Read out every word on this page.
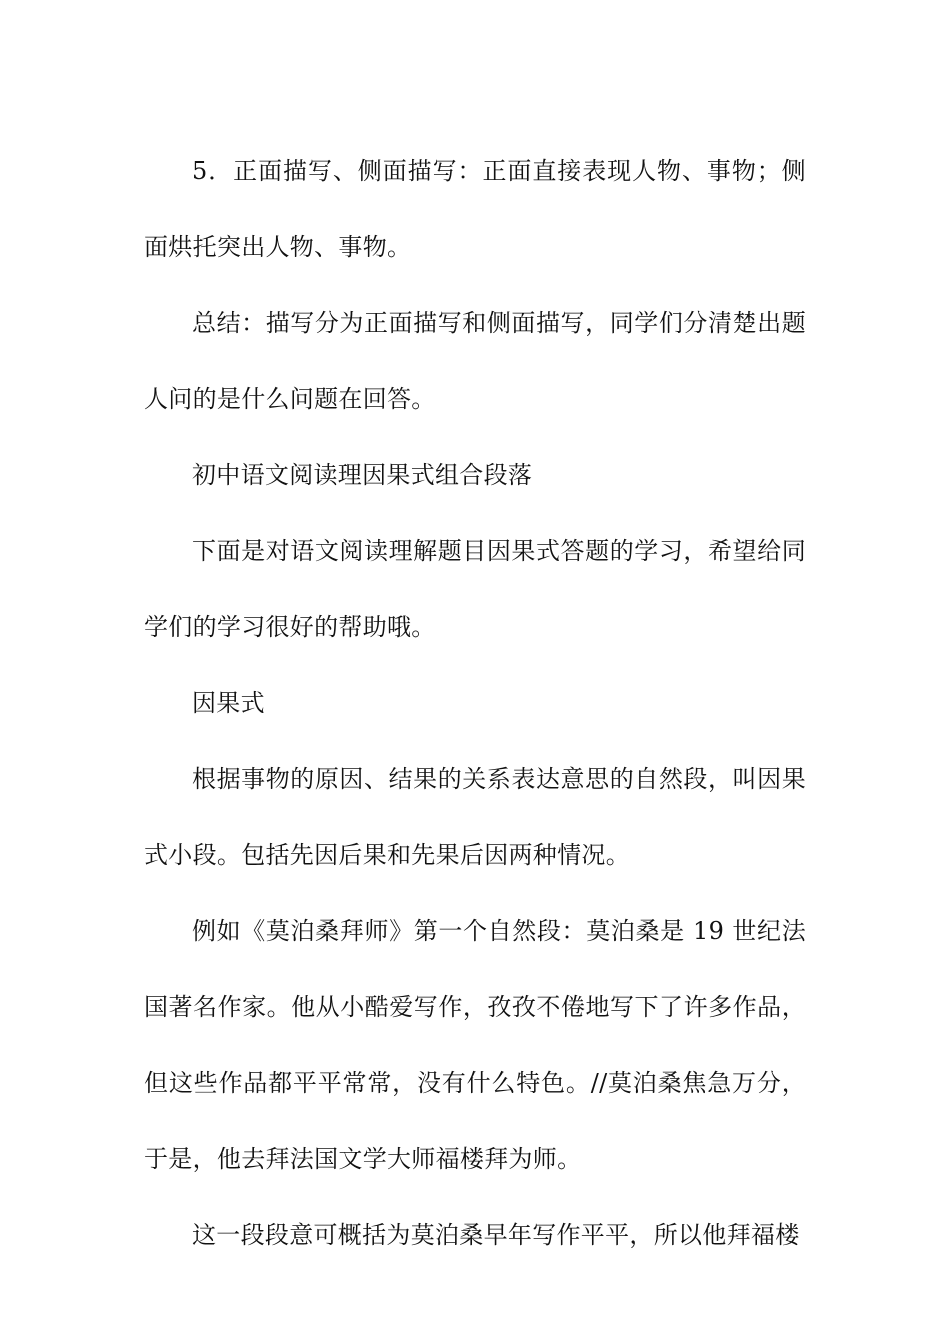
5．正面描写、侧面描写：正面直接表现人物、事物；侧面烘托突出人物、事物。

总结：描写分为正面描写和侧面描写，同学们分清楚出题人问的是什么问题在回答。

初中语文阅读理因果式组合段落

下面是对语文阅读理解题目因果式答题的学习，希望给同学们的学习很好的帮助哦。

因果式

根据事物的原因、结果的关系表达意思的自然段，叫因果式小段。包括先因后果和先果后因两种情况。

例如《莫泊桑拜师》第一个自然段：莫泊桑是 19 世纪法国著名作家。他从小酷爱写作，孜孜不倦地写下了许多作品，但这些作品都平平常常，没有什么特色。//莫泊桑焦急万分，于是，他去拜法国文学大师福楼拜为师。

这一段段意可概括为莫泊桑早年写作平平，所以他拜福楼
